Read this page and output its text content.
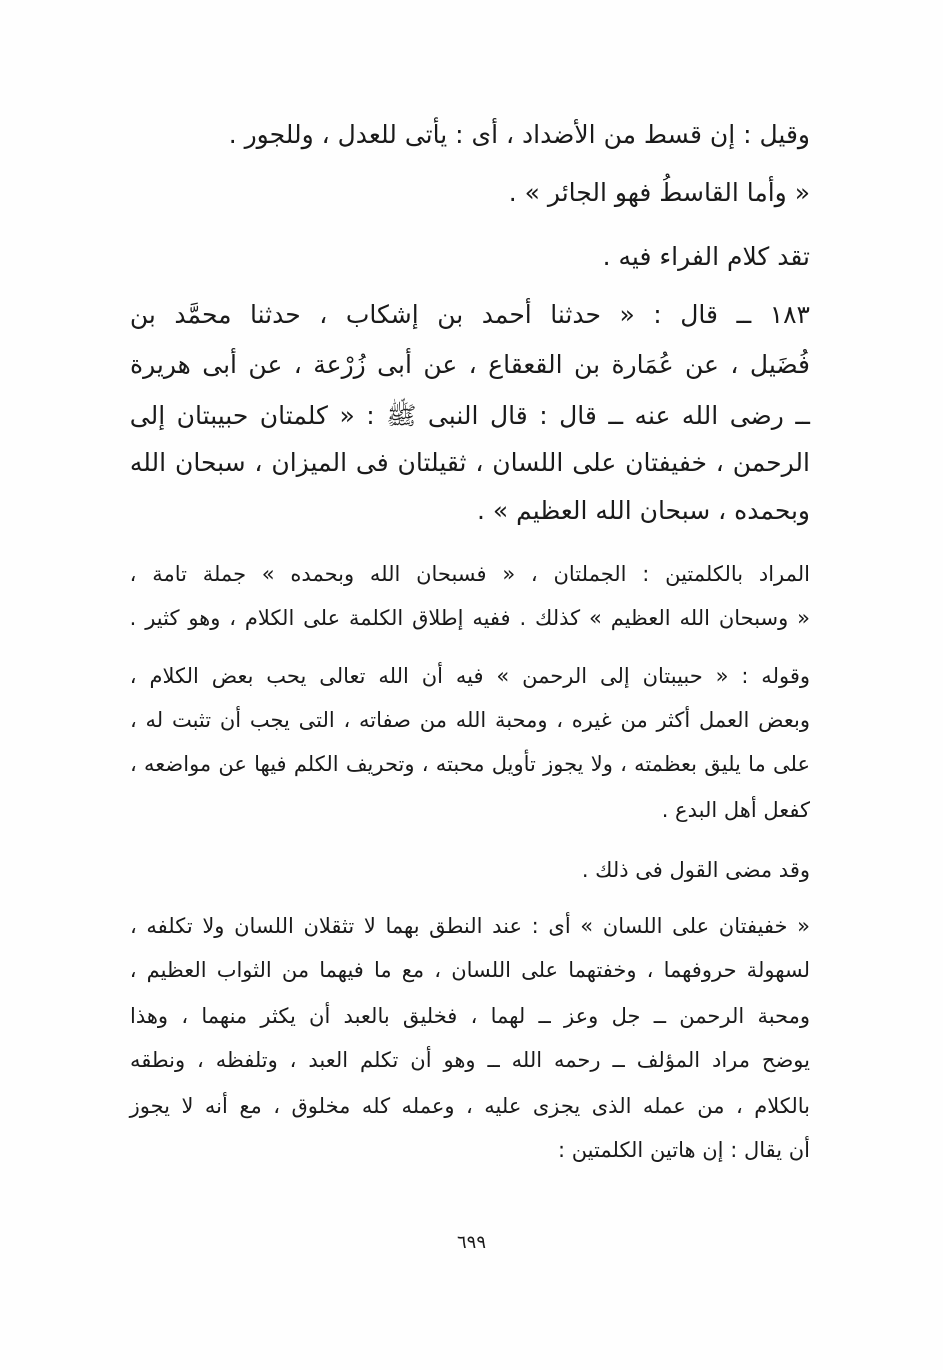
وقيل : إن قسط من الأضداد ، أى : يأتى للعدل ، وللجور .
« وأما القاسطُ فهو الجائر » .
تقد كلام الفراء فيه .
١٨٣ ــ قال : « حدثنا أحمد بن إشكاب ، حدثنا محمَّد بن
فُضَيل ، عن عُمَارة بن القعقاع ، عن أبى زُرْعة ، عن أبى هريرة
ــ رضى الله عنه ــ قال : قال النبى ﷺ : « كلمتان حبيبتان إلى
الرحمن ، خفيفتان على اللسان ، ثقيلتان فى الميزان ، سبحان الله
وبحمده ، سبحان الله العظيم » .
المراد بالكلمتين : الجملتان ، « فسبحان الله وبحمده » جملة تامة ،
« وسبحان الله العظيم » كذلك . ففيه إطلاق الكلمة على الكلام ، وهو كثير .
وقوله : « حبيبتان إلى الرحمن » فيه أن الله تعالى يحب بعض الكلام ،
وبعض العمل أكثر من غيره ، ومحبة الله من صفاته ، التى يجب أن تثبت له ،
على ما يليق بعظمته ، ولا يجوز تأويل محبته ، وتحريف الكلم فيها عن مواضعه ،
كفعل أهل البدع .
وقد مضى القول فى ذلك .
« خفيفتان على اللسان » أى : عند النطق بهما لا تثقلان اللسان ولا تكلفه ،
لسهولة حروفهما ، وخفتهما على اللسان ، مع ما فيهما من الثواب العظيم ،
ومحبة الرحمن ــ جل وعز ــ لهما ، فخليق بالعبد أن يكثر منهما ، وهذا
يوضح مراد المؤلف ــ رحمه الله ــ وهو أن تكلم العبد ، وتلفظه ، ونطقه
بالكلام ، من عمله الذى يجزى عليه ، وعمله كله مخلوق ، مع أنه لا يجوز
أن يقال : إن هاتين الكلمتين :
٦٩٩
